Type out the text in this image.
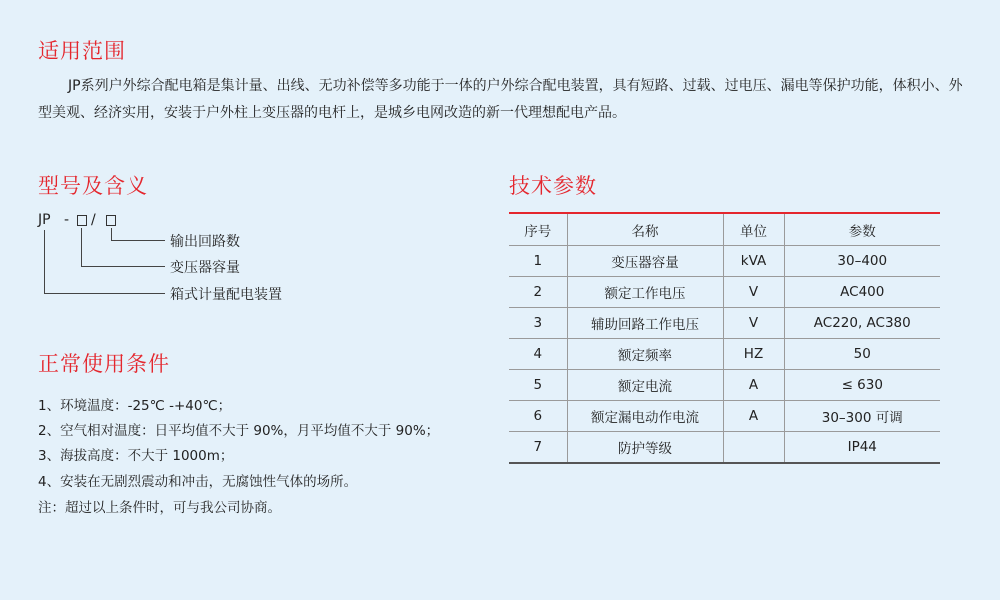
适用范围

JP系列户外综合配电箱是集计量、出线、无功补偿等多功能于一体的户外综合配电装置，具有短路、过载、过电压、漏电等保护功能，体积小、外型美观、经济实用，安装于户外柱上变压器的电杆上，是城乡电网改造的新一代理想配电产品。

型号及含义
JP - /
输出回路数
变压器容量
箱式计量配电装置
正常使用条件
1、环境温度：-25℃ -+40℃；
2、空气相对温度：日平均值不大于 90%，月平均值不大于 90%；
3、海拔高度：不大于 1000m；
4、安装在无剧烈震动和冲击，无腐蚀性气体的场所。
注：超过以上条件时，可与我公司协商。
技术参数
序号	名称	单位	参数
1	变压器容量	kVA	30–400
2	额定工作电压	V	AC400
3	辅助回路工作电压	V	AC220, AC380
4	额定频率	HZ	50
5	额定电流	A	≤ 630
6	额定漏电动作电流	A	30–300 可调
7	防护等级		IP44
